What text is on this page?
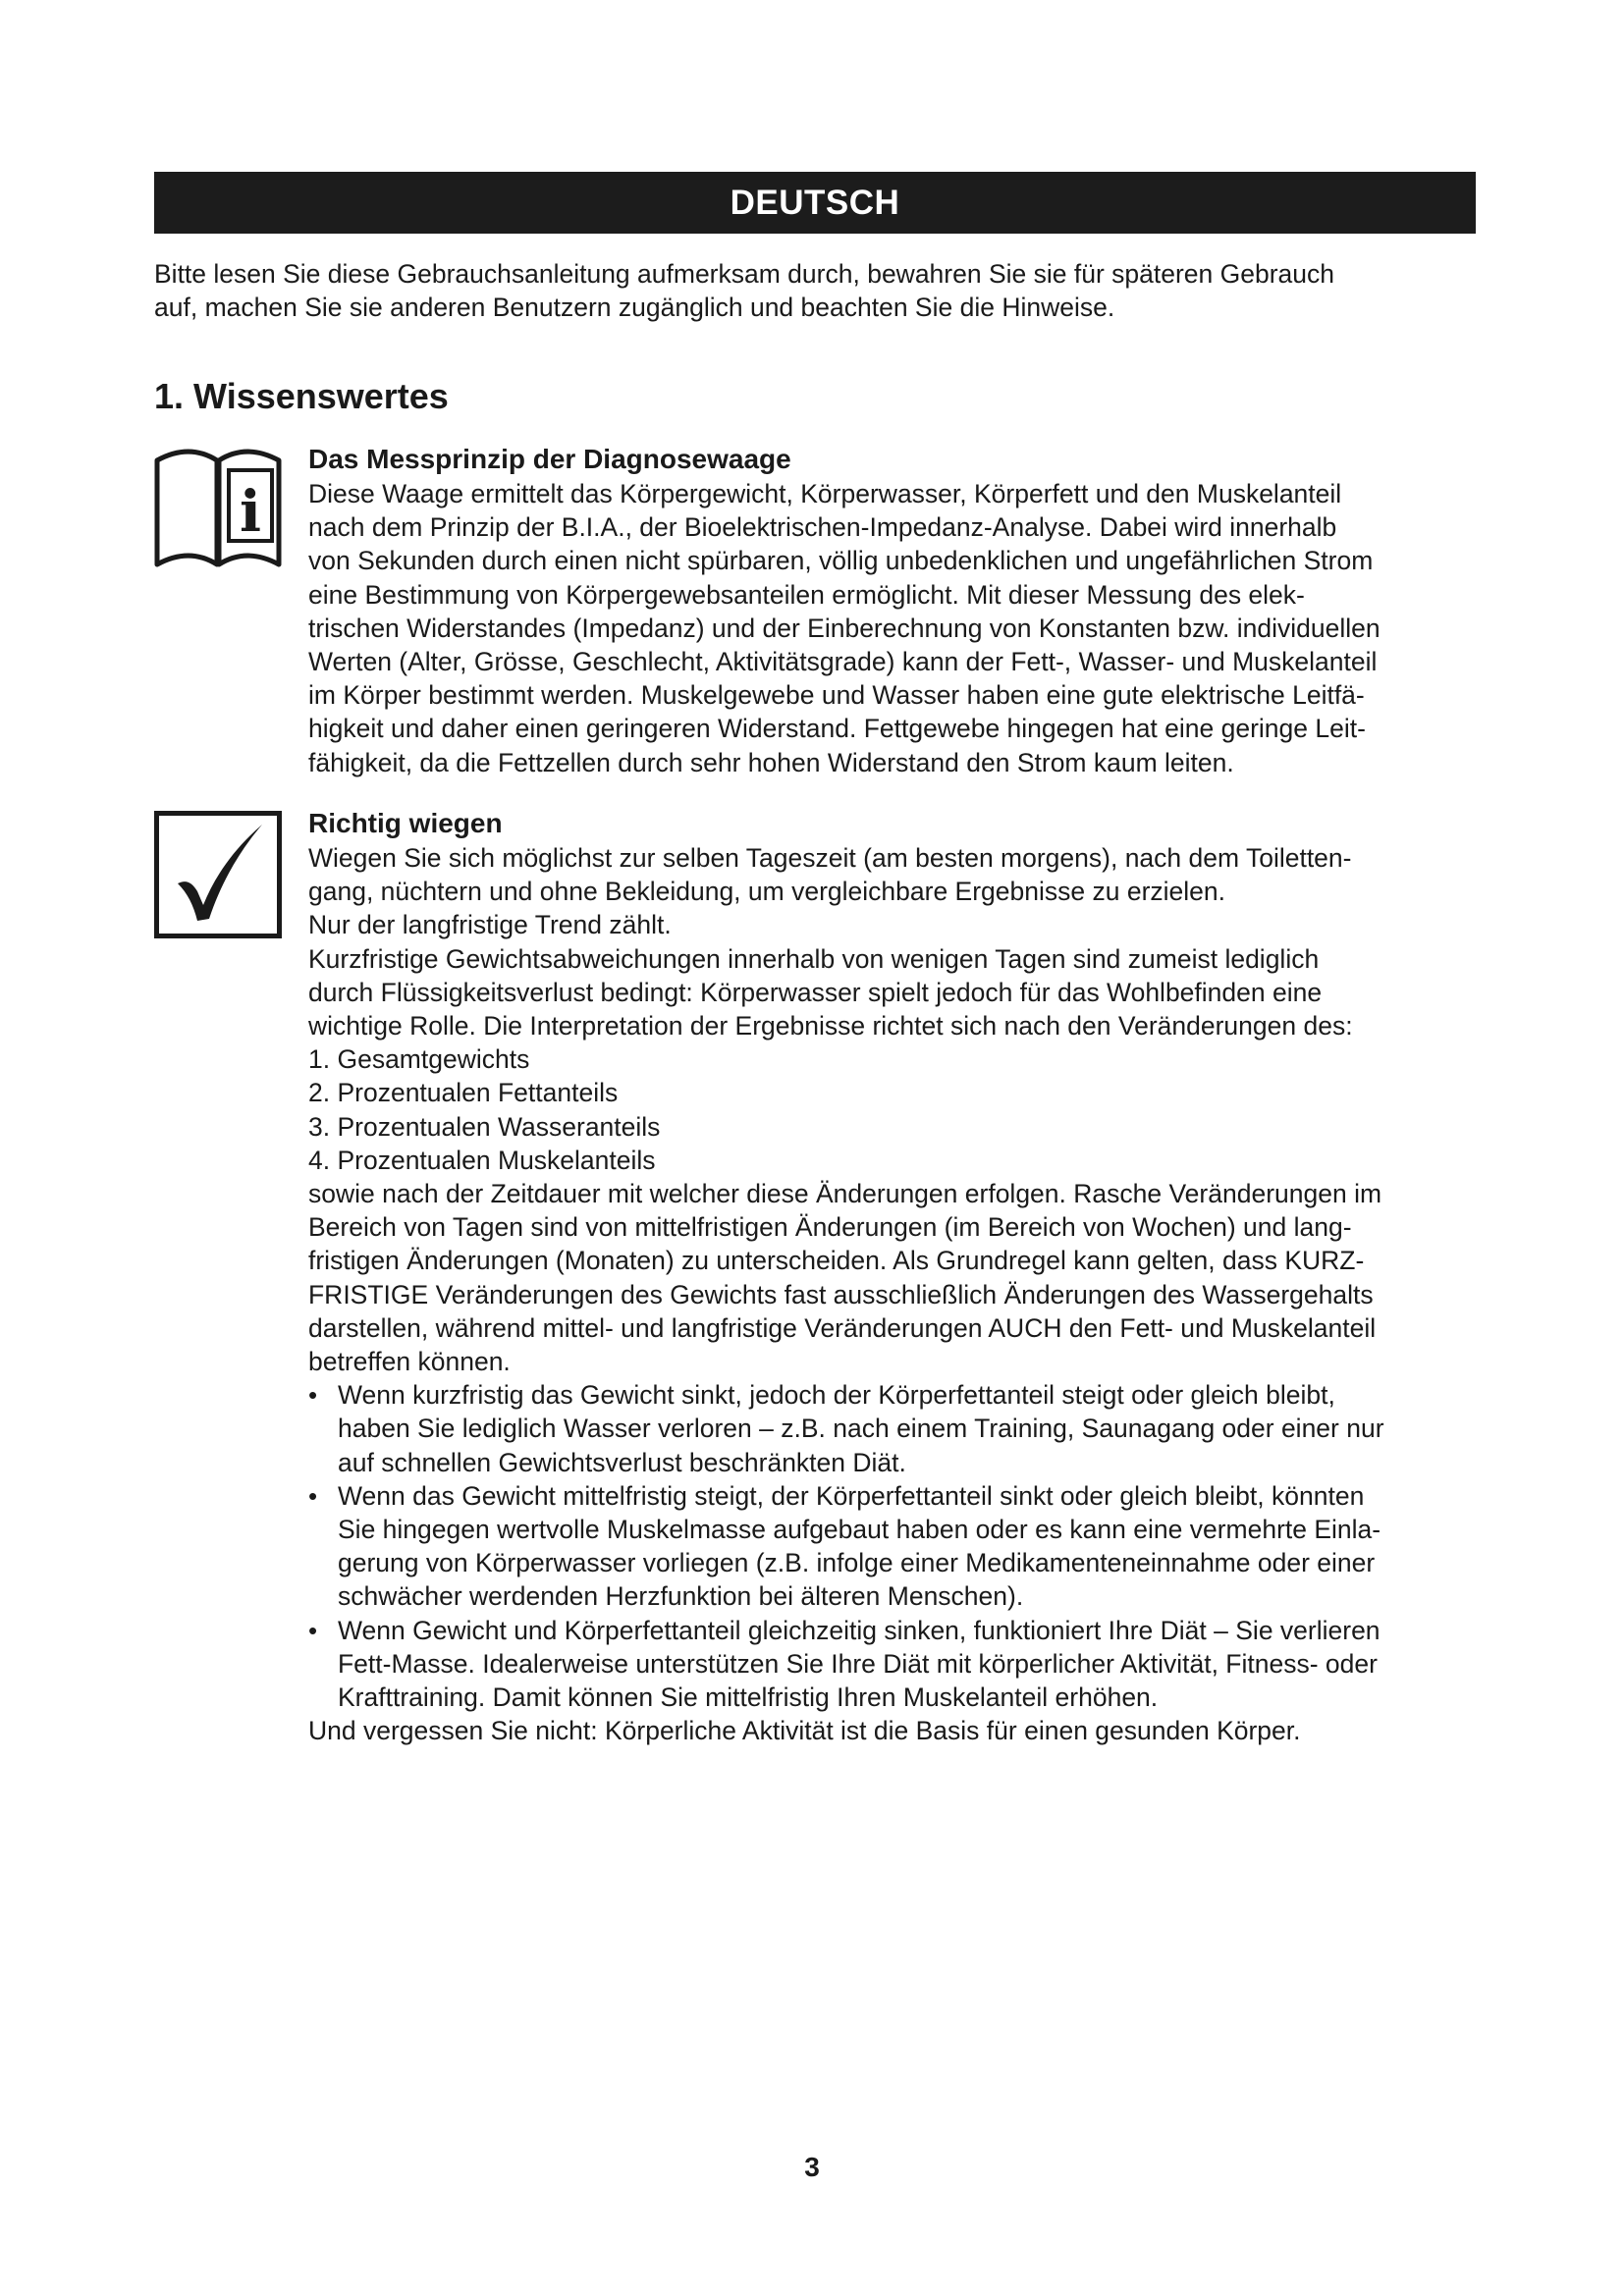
DEUTSCH

Bitte lesen Sie diese Gebrauchsanleitung aufmerksam durch, bewahren Sie sie für späteren Gebrauch
auf, machen Sie sie anderen Benutzern zugänglich und beachten Sie die Hinweise.

1. Wissenswertes
i
Das Messprinzip der Diagnosewaage

Diese Waage ermittelt das Körpergewicht, Körperwasser, Körperfett und den Muskelanteil
nach dem Prinzip der B.I.A., der Bioelektrischen-Impedanz-Analyse. Dabei wird innerhalb
von Sekunden durch einen nicht spürbaren, völlig unbedenklichen und ungefährlichen Strom
eine Bestimmung von Körpergewebsanteilen ermöglicht. Mit dieser Messung des elek-
trischen Widerstandes (Impedanz) und der Einberechnung von Konstanten bzw. individuellen
Werten (Alter, Grösse, Geschlecht, Aktivitätsgrade) kann der Fett-, Wasser- und Muskelanteil
im Körper bestimmt werden. Muskelgewebe und Wasser haben eine gute elektrische Leitfä-
higkeit und daher einen geringeren Widerstand. Fettgewebe hingegen hat eine geringe Leit-
fähigkeit, da die Fettzellen durch sehr hohen Widerstand den Strom kaum leiten.

Richtig wiegen

Wiegen Sie sich möglichst zur selben Tageszeit (am besten morgens), nach dem Toiletten-
gang, nüchtern und ohne Bekleidung, um vergleichbare Ergebnisse zu erzielen.
Nur der langfristige Trend zählt.
Kurzfristige Gewichtsabweichungen innerhalb von wenigen Tagen sind zumeist lediglich
durch Flüssigkeitsverlust bedingt: Körperwasser spielt jedoch für das Wohlbefinden eine
wichtige Rolle. Die Interpretation der Ergebnisse richtet sich nach den Veränderungen des:
1. Gesamtgewichts
2. Prozentualen Fettanteils
3. Prozentualen Wasseranteils
4. Prozentualen Muskelanteils
sowie nach der Zeitdauer mit welcher diese Änderungen erfolgen. Rasche Veränderungen im
Bereich von Tagen sind von mittelfristigen Änderungen (im Bereich von Wochen) und lang-
fristigen Änderungen (Monaten) zu unterscheiden. Als Grundregel kann gelten, dass KURZ-
FRISTIGE Veränderungen des Gewichts fast ausschließlich Änderungen des Wassergehalts
darstellen, während mittel- und langfristige Veränderungen AUCH den Fett- und Muskelanteil
betreffen können.

• Wenn kurzfristig das Gewicht sinkt, jedoch der Körperfettanteil steigt oder gleich bleibt,
haben Sie lediglich Wasser verloren – z.B. nach einem Training, Saunagang oder einer nur
auf schnellen Gewichtsverlust beschränkten Diät.

• Wenn das Gewicht mittelfristig steigt, der Körperfettanteil sinkt oder gleich bleibt, könnten
Sie hingegen wertvolle Muskelmasse aufgebaut haben oder es kann eine vermehrte Einla-
gerung von Körperwasser vorliegen (z.B. infolge einer Medikamenteneinnahme oder einer
schwächer werdenden Herzfunktion bei älteren Menschen).

• Wenn Gewicht und Körperfettanteil gleichzeitig sinken, funktioniert Ihre Diät – Sie verlieren
Fett-Masse. Idealerweise unterstützen Sie Ihre Diät mit körperlicher Aktivität, Fitness- oder
Krafttraining. Damit können Sie mittelfristig Ihren Muskelanteil erhöhen.

Und vergessen Sie nicht: Körperliche Aktivität ist die Basis für einen gesunden Körper.

3
